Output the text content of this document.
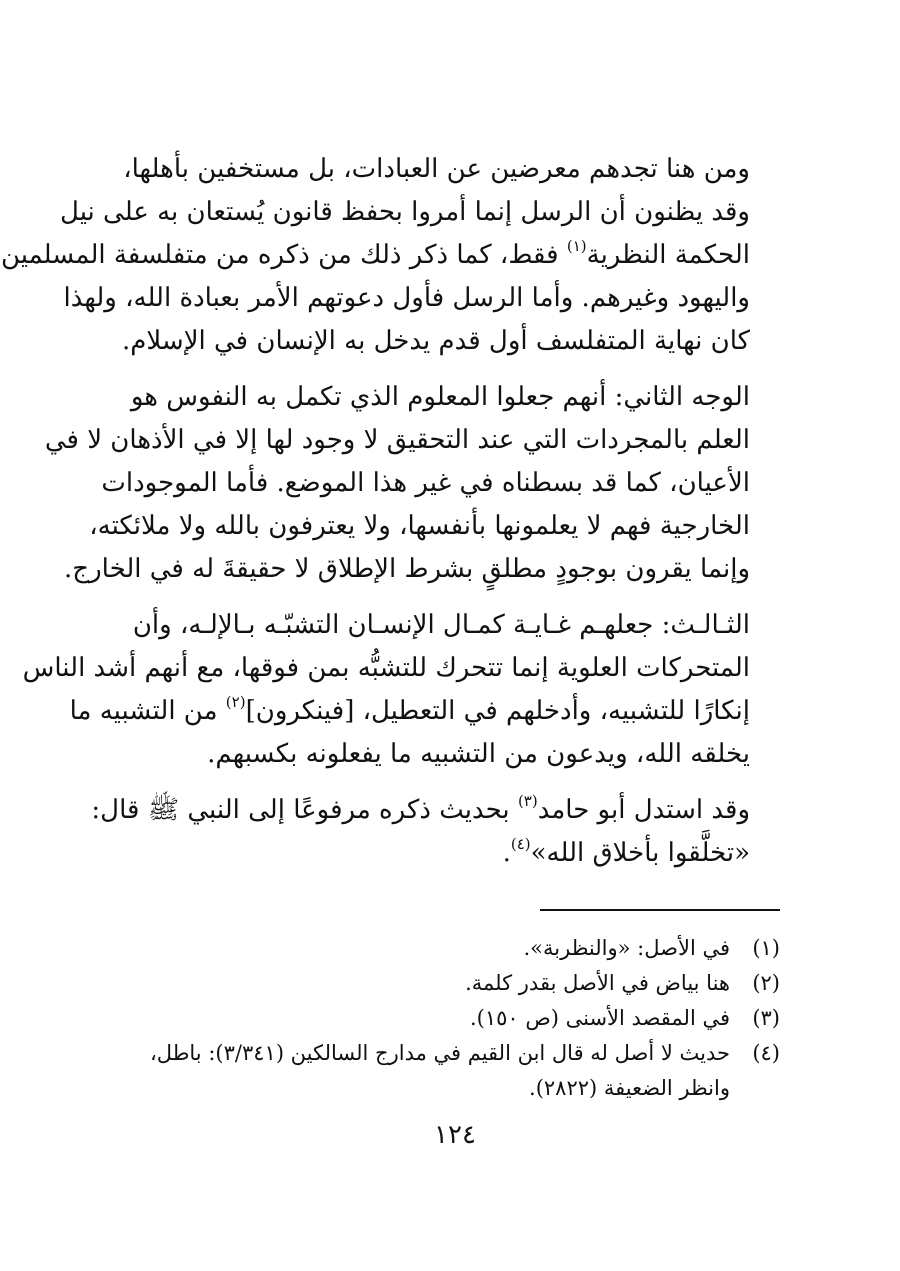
ومن هنا تجدهم معرضين عن العبادات، بل مستخفين بأهلها،
وقد يظنون أن الرسل إنما أمروا بحفظ قانون يُستعان به على نيل
الحكمة النظرية$^{(١)}$ فقط، كما ذكر ذلك من ذكره من متفلسفة المسلمين
واليهود وغيرهم. وأما الرسل فأول دعوتهم الأمر بعبادة الله، ولهذا
كان نهاية المتفلسف أول قدم يدخل به الإنسان في الإسلام.

الوجه الثاني: أنهم جعلوا المعلوم الذي تكمل به النفوس هو
العلم بالمجردات التي عند التحقيق لا وجود لها إلا في الأذهان لا في
الأعيان، كما قد بسطناه في غير هذا الموضع. فأما الموجودات
الخارجية فهم لا يعلمونها بأنفسها، ولا يعترفون بالله ولا ملائكته،
وإنما يقرون بوجودٍ مطلقٍ بشرط الإطلاق لا حقيقةَ له في الخارج.

الثـالـث: جعلهـم غـايـة كمـال الإنسـان التشبّـه بـالإلـه، وأن
المتحركات العلوية إنما تتحرك للتشبُّه بمن فوقها، مع أنهم أشد الناس
إنكارًا للتشبيه، وأدخلهم في التعطيل، [فينكرون]$^{(٢)}$ من التشبيه ما
يخلقه الله، ويدعون من التشبيه ما يفعلونه بكسبهم.

وقد استدل أبو حامد$^{(٣)}$ بحديث ذكره مرفوعًا إلى النبي ﷺ قال:
«تخلَّقوا بأخلاق الله»$^{(٤)}$.

(١)
في الأصل: «والنظربة».
(٢)
هنا بياض في الأصل بقدر كلمة.
(٣)
في المقصد الأسنى (ص ١٥٠).
(٤)
حديث لا أصل له قال ابن القيم في مدارج السالكين (٣/٣٤١): باطل،
وانظر الضعيفة (٢٨٢٢).
١٢٤
